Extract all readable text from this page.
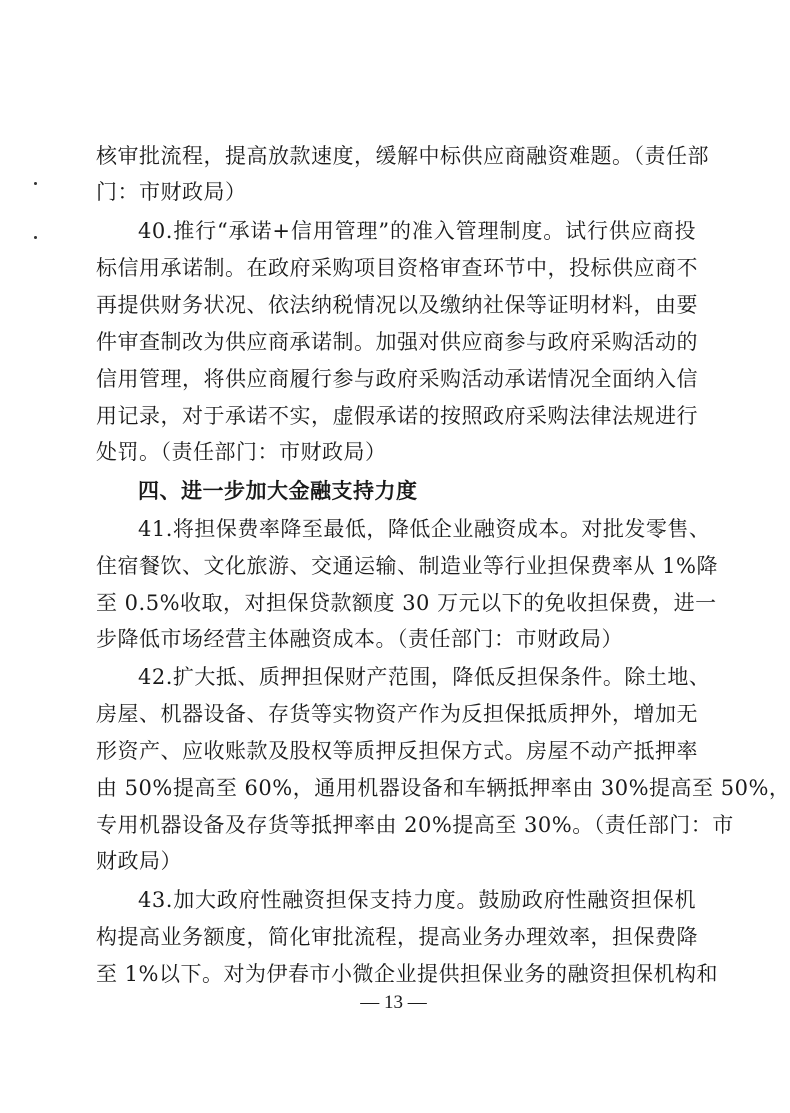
核审批流程，提高放款速度，缓解中标供应商融资难题。（责任部
门：市财政局）
40.推行“承诺+信用管理”的准入管理制度。试行供应商投
标信用承诺制。在政府采购项目资格审查环节中，投标供应商不
再提供财务状况、依法纳税情况以及缴纳社保等证明材料，由要
件审查制改为供应商承诺制。加强对供应商参与政府采购活动的
信用管理，将供应商履行参与政府采购活动承诺情况全面纳入信
用记录，对于承诺不实，虚假承诺的按照政府采购法律法规进行
处罚。（责任部门：市财政局）
四、进一步加大金融支持力度
41.将担保费率降至最低，降低企业融资成本。对批发零售、
住宿餐饮、文化旅游、交通运输、制造业等行业担保费率从 1%降
至 0.5%收取，对担保贷款额度 30 万元以下的免收担保费，进一
步降低市场经营主体融资成本。（责任部门：市财政局）
42.扩大抵、质押担保财产范围，降低反担保条件。除土地、
房屋、机器设备、存货等实物资产作为反担保抵质押外，增加无
形资产、应收账款及股权等质押反担保方式。房屋不动产抵押率
由 50%提高至 60%，通用机器设备和车辆抵押率由 30%提高至 50%，
专用机器设备及存货等抵押率由 20%提高至 30%。（责任部门：市
财政局）
43.加大政府性融资担保支持力度。鼓励政府性融资担保机
构提高业务额度，简化审批流程，提高业务办理效率，担保费降
至 1%以下。对为伊春市小微企业提供担保业务的融资担保机构和
— 13 —
